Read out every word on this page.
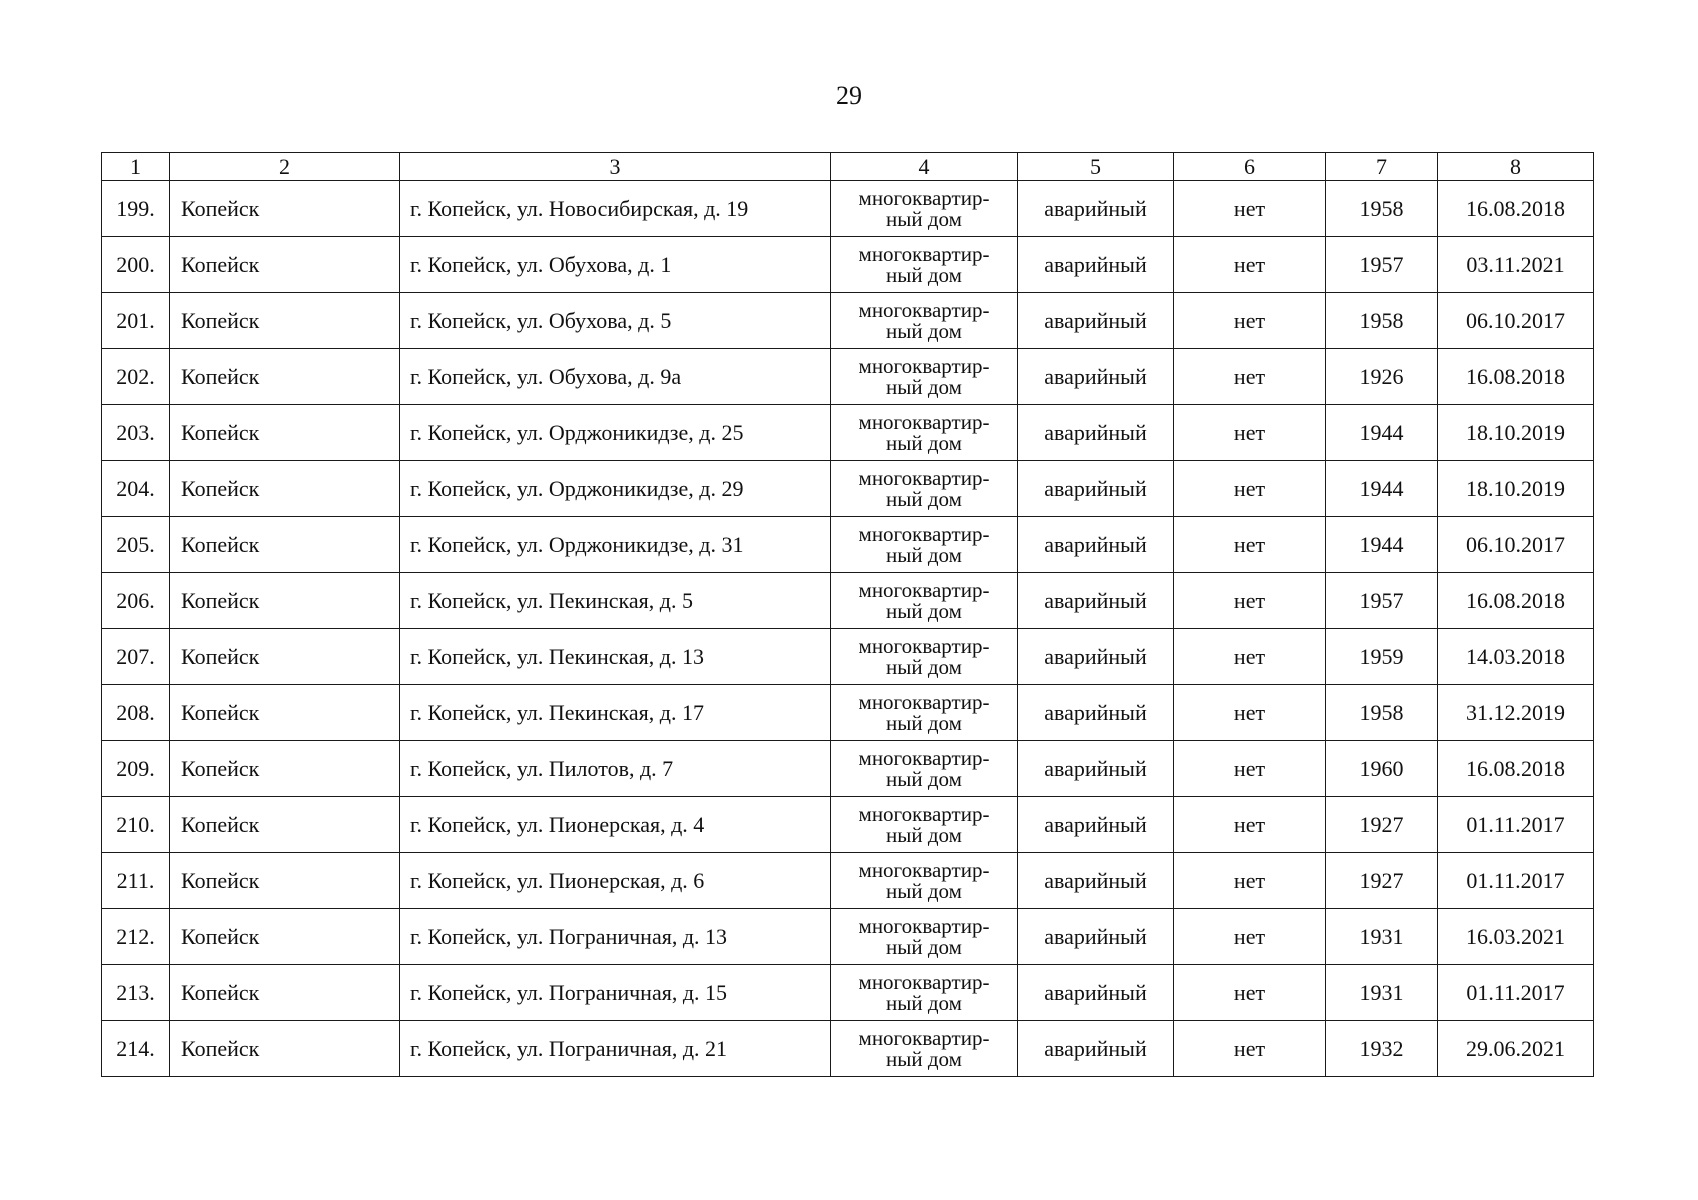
29
1	2	3	4	5	6	7	8
199.	Копейск	г. Копейск, ул. Новосибирская, д. 19	многоквартир-
ный дом	аварийный	нет	1958	16.08.2018
200.	Копейск	г. Копейск, ул. Обухова, д. 1	многоквартир-
ный дом	аварийный	нет	1957	03.11.2021
201.	Копейск	г. Копейск, ул. Обухова, д. 5	многоквартир-
ный дом	аварийный	нет	1958	06.10.2017
202.	Копейск	г. Копейск, ул. Обухова, д. 9а	многоквартир-
ный дом	аварийный	нет	1926	16.08.2018
203.	Копейск	г. Копейск, ул. Орджоникидзе, д. 25	многоквартир-
ный дом	аварийный	нет	1944	18.10.2019
204.	Копейск	г. Копейск, ул. Орджоникидзе, д. 29	многоквартир-
ный дом	аварийный	нет	1944	18.10.2019
205.	Копейск	г. Копейск, ул. Орджоникидзе, д. 31	многоквартир-
ный дом	аварийный	нет	1944	06.10.2017
206.	Копейск	г. Копейск, ул. Пекинская, д. 5	многоквартир-
ный дом	аварийный	нет	1957	16.08.2018
207.	Копейск	г. Копейск, ул. Пекинская, д. 13	многоквартир-
ный дом	аварийный	нет	1959	14.03.2018
208.	Копейск	г. Копейск, ул. Пекинская, д. 17	многоквартир-
ный дом	аварийный	нет	1958	31.12.2019
209.	Копейск	г. Копейск, ул. Пилотов, д. 7	многоквартир-
ный дом	аварийный	нет	1960	16.08.2018
210.	Копейск	г. Копейск, ул. Пионерская, д. 4	многоквартир-
ный дом	аварийный	нет	1927	01.11.2017
211.	Копейск	г. Копейск, ул. Пионерская, д. 6	многоквартир-
ный дом	аварийный	нет	1927	01.11.2017
212.	Копейск	г. Копейск, ул. Пограничная, д. 13	многоквартир-
ный дом	аварийный	нет	1931	16.03.2021
213.	Копейск	г. Копейск, ул. Пограничная, д. 15	многоквартир-
ный дом	аварийный	нет	1931	01.11.2017
214.	Копейск	г. Копейск, ул. Пограничная, д. 21	многоквартир-
ный дом	аварийный	нет	1932	29.06.2021
